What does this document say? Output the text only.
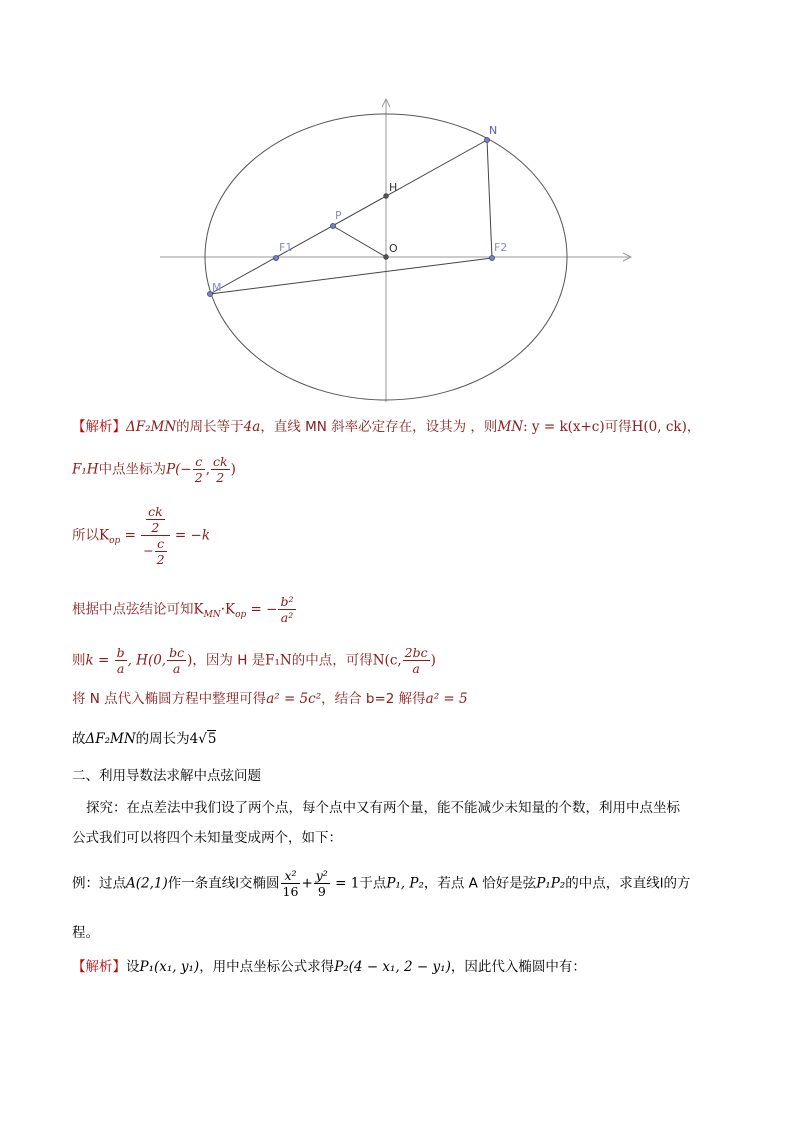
N
H
P
F1	O	F2
M
【解析】ΔF₂MN的周长等于4a，直线 MN 斜率必定存在，设其为 ，则MN: y = k(x+c)可得H(0, ck)，
F₁H中点坐标为$P(- \frac{c}{2}$ , $\frac{ck}{2}$ )
所以$K_{op} = \frac{\frac{ck}{2}}{- \frac{c}{2}} = -k$
根据中点弦结论可知$K_{MN}\cdot K_{op}$ = − $\frac{\text{b²}}{\text{a²}}$
则$k = \frac{b}{a}$ , H(0, $\frac{bc}{a}$ )，因为 H 是F₁N的中点，可得N(c, $\frac{2bc}{a}$ )
将 N 点代入椭圆方程中整理可得a² = 5c²，结合 b=2 解得a² = 5
故ΔF₂MN的周长为4√5
二、利用导数法求解中点弦问题
探究：在点差法中我们设了两个点，每个点中又有两个量，能不能减少未知量的个数，利用中点坐标
公式我们可以将四个未知量变成两个，如下：
例：过点A(2,1)作一条直线l交椭圆 $\frac{\text{x²}}{16} + \frac{\text{y²}}{9} = 1$于点P₁, P₂，若点 A 恰好是弦P₁P₂的中点，求直线l的方
程。
【解析】设P₁(x₁, y₁)，用中点坐标公式求得P₂(4 − x₁, 2 − y₁)，因此代入椭圆中有：
